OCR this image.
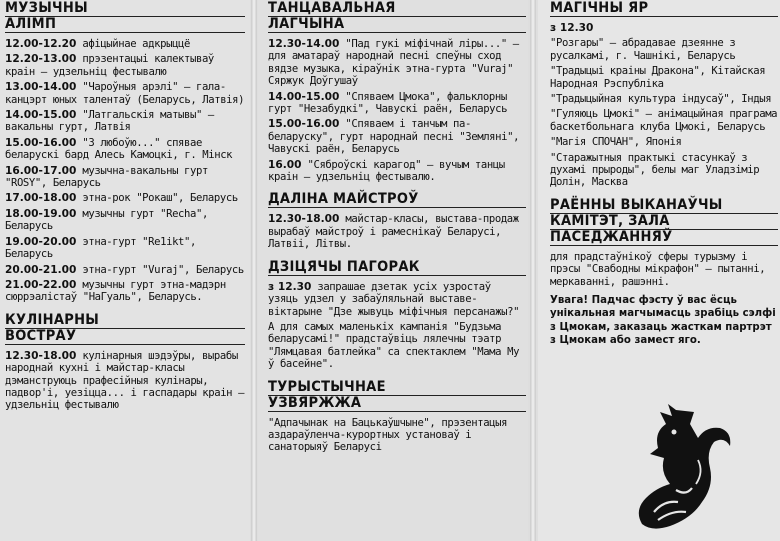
МУЗЫЧНЫ
АЛІМП
12.00-12.20 афіцыйнае адкрыццё
12.20-13.00 прэзентацыі калектываў краін – удзельніц фестывалю
13.00-14.00 "Чароўныя арэлі" – гала-канцэрт юных талентаў (Беларусь, Латвія)
14.00-15.00 "Латгальскія матывы" – вакальны гурт, Латвія
15.00-16.00 "З любоўю..." спявае беларускі бард Алесь Камоцкі, г. Мінск
16.00-17.00 музычна-вакальны гурт "ROSY", Беларусь
17.00-18.00 этна-рок "Рокаш", Беларусь
18.00-19.00 музычны гурт "Recha", Беларусь
19.00-20.00 этна-гурт "Re1ikt", Беларусь
20.00-21.00 этна-гурт "Vuraj", Беларусь
21.00-22.00 музычны гурт этна-мадэрн сюррэалістаў "НаГуаль", Беларусь.
КУЛІНАРНЫ
ВОСТРАУ
12.30-18.00 кулінарныя шэдэўры, вырабы народнай кухні і майстар-класы дэманструюць прафесійныя кулінары, падвор'і, уезіцца... і гаспадары краін – удзельніц фестывалю
ТАНЦАВАЛЬНАЯ
ЛАГЧЫНА
12.30-14.00 "Пад гукі мiфiчнай ліры..." – для аматараў народнай песні спеўны сход вядзе музыка, кіраўнік этна-гурта "Vuraj" Сяржук Доўгушаў
14.00-15.00 "Спяваем Цмока", фальклорны гурт "Незабудкі", Чавускі раён, Беларусь
15.00-16.00 "Спяваем і танчым па-беларуску", гурт народнай песні "Земляні", Чавускі раён, Беларусь
16.00 "Сяброўскі карагод" – вучым танцы краін – удзельніц фестывалю.
ДАЛІНА МАЙСТРОЎ
12.30-18.00 майстар-класы, выстава-продаж вырабаў майстроў і рамеснікаў Беларусі, Латвіі, Літвы.
ДЗІЦЯЧЫ ПАГОРАК
з 12.30 запрашае дзетак усіх узростаў узяць удзел у забаўляльнай выставе-віктарыне "Дзе жывуць міфічныя персанажы?"
А для самых маленькіх кампанія "Будзьма беларусамі!" прадстаўвіць лялечны тэатр "Лямцавая батлейка" са спектаклем "Мама Му ў басейне".
ТУРЫСТЫЧНАЕ
УЗВЯРЖЖА
"Адпачынак на Бацькаўшчыне", прэзентацыя аздараўленча-курортных установаў і санаторыяў Беларусі
МАГІЧНЫ ЯР
з 12.30
"Розгары" – абрадавае дзеянне з русалкамі, г. Чашнікі, Беларусь
"Традыцыі краіны Дракона", Кітайская Народная Рэспубліка
"Традыцыйная культура індусаў", Індыя
"Гуляюць Цмокі" – анімацыйная праграма баскетбольнага клуба Цмокі, Беларусь
"Магія СПОЧАН", Японія
"Старажытныя практыкі стасункаў з духамі прыроды", белы маг Уладзімір Долін, Масква
РАЁННЫ ВЫКАНАЎЧЫ
КАМІТЭТ, ЗАЛА
ПАСЕДЖАННЯЎ
для прадстаўнікоў сферы турызму і прэсы "Свабодны мікрафон" – пытанні, меркаванні, рашэнні.
Увага! Падчас фэсту ў вас ёсць унікальная магчымасць зрабіць сэлфі з Цмокам, заказаць жасткам партрэт з Цмокам або замест яго.
